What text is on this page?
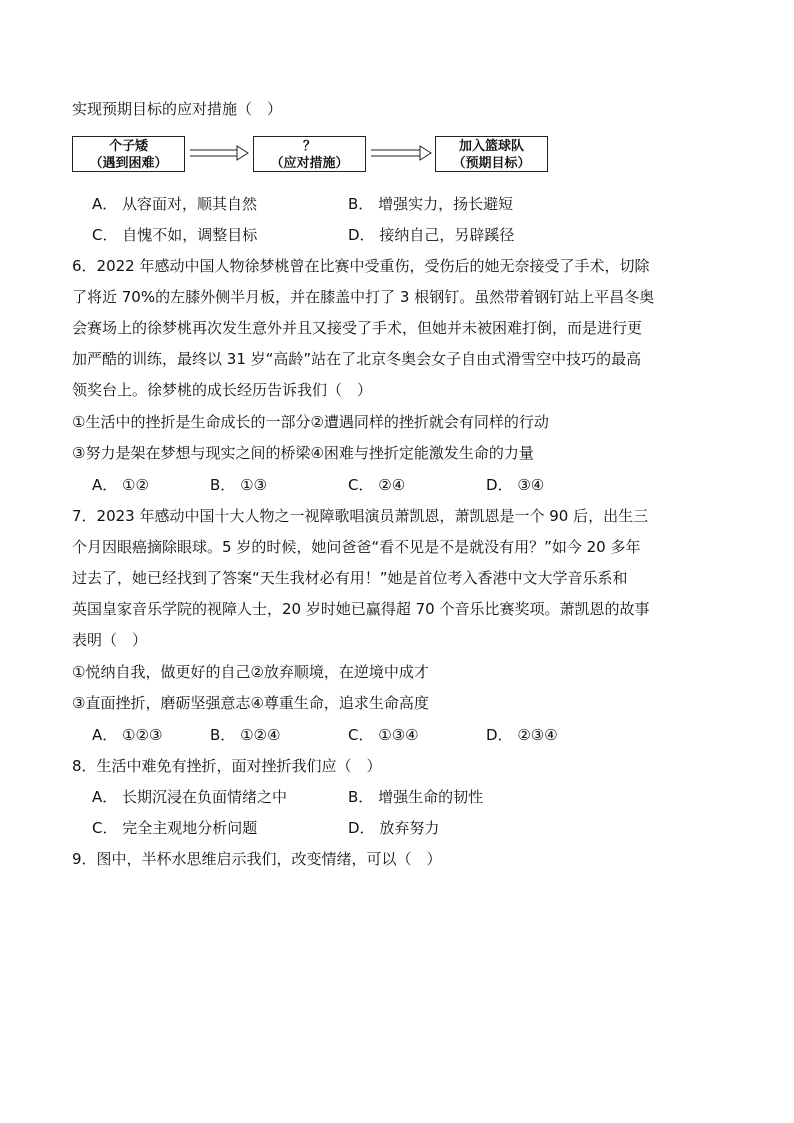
实现预期目标的应对措施（　）
个子矮
（遇到困难）
？
（应对措施）
加入篮球队
（预期目标）
A． 从容面对，顺其自然	B． 增强实力，扬长避短
C． 自愧不如，调整目标	D． 接纳自己，另辟蹊径
6．2022 年感动中国人物徐梦桃曾在比赛中受重伤，受伤后的她无奈接受了手术，切除
了将近 70%的左膝外侧半月板，并在膝盖中打了 3 根钢钉。虽然带着钢钉站上平昌冬奥
会赛场上的徐梦桃再次发生意外并且又接受了手术，但她并未被困难打倒，而是进行更
加严酷的训练，最终以 31 岁“高龄”站在了北京冬奥会女子自由式滑雪空中技巧的最高
领奖台上。徐梦桃的成长经历告诉我们（　）
①生活中的挫折是生命成长的一部分②遭遇同样的挫折就会有同样的行动
③努力是架在梦想与现实之间的桥梁④困难与挫折定能激发生命的力量
A． ①②	B． ①③	C． ②④	D． ③④
7．2023 年感动中国十大人物之一视障歌唱演员萧凯恩，萧凯恩是一个 90 后，出生三
个月因眼癌摘除眼球。5 岁的时候，她问爸爸“看不见是不是就没有用？”如今 20 多年
过去了，她已经找到了答案“天生我材必有用！”她是首位考入香港中文大学音乐系和
英国皇家音乐学院的视障人士，20 岁时她已赢得超 70 个音乐比赛奖项。萧凯恩的故事
表明（　）
①悦纳自我，做更好的自己②放弃顺境，在逆境中成才
③直面挫折，磨砺坚强意志④尊重生命，追求生命高度
A． ①②③	B． ①②④	C． ①③④	D． ②③④
8．生活中难免有挫折，面对挫折我们应（　）
A． 长期沉浸在负面情绪之中	B． 增强生命的韧性
C． 完全主观地分析问题	D． 放弃努力
9．图中，半杯水思维启示我们，改变情绪，可以（　）
